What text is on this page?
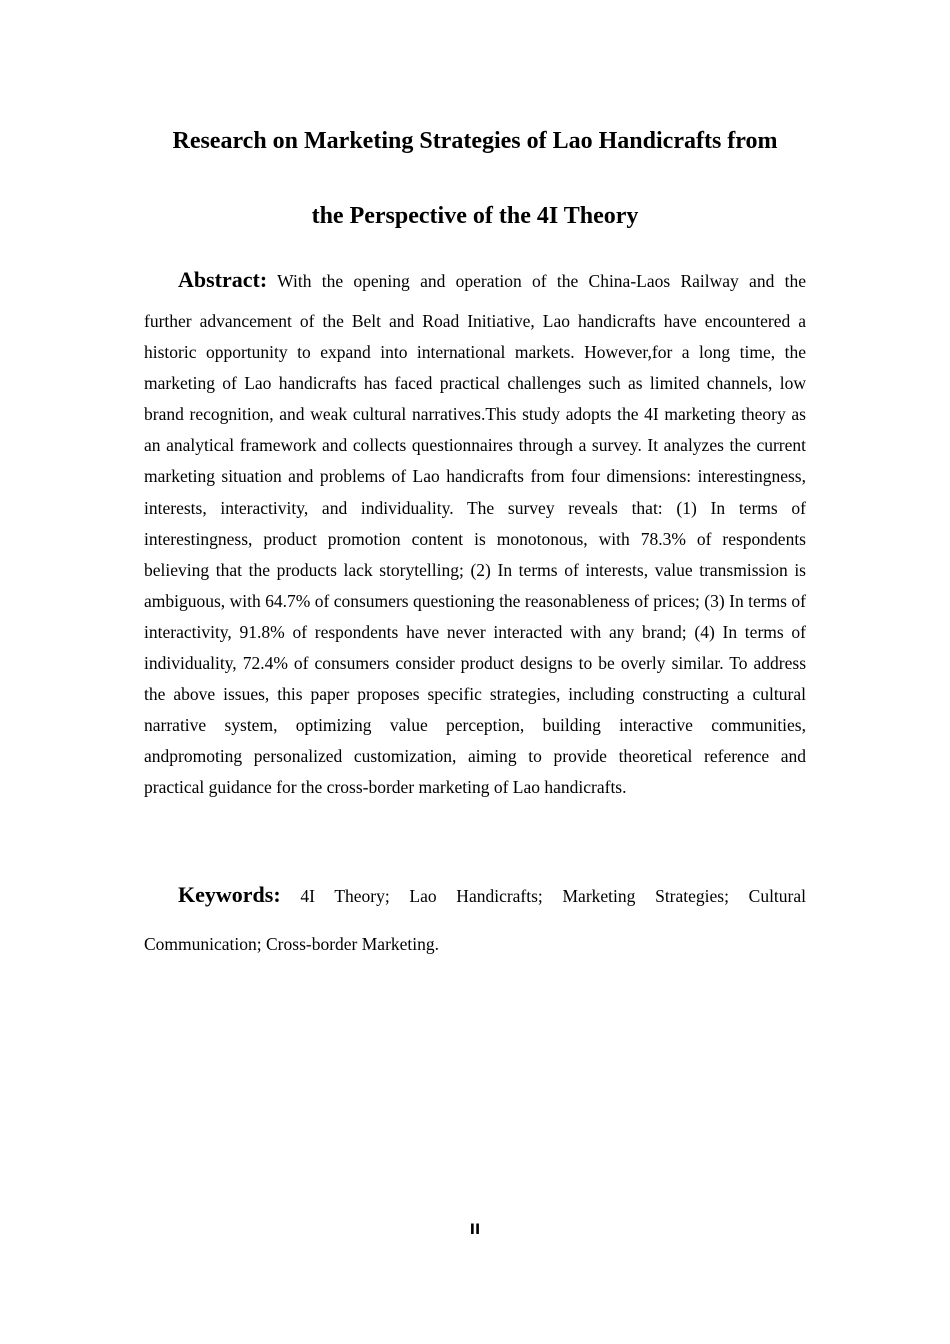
Research on Marketing Strategies of Lao Handicrafts from
the Perspective of the 4I Theory
Abstract: With the opening and operation of the China-Laos Railway and the
further advancement of the Belt and Road Initiative, Lao handicrafts have encountered a historic opportunity to expand into international markets. However,for a long time, the marketing of Lao handicrafts has faced practical challenges such as limited channels, low brand recognition, and weak cultural narratives.This study adopts the 4I marketing theory as an analytical framework and collects questionnaires through a survey. It analyzes the current marketing situation and problems of Lao handicrafts from four dimensions: interestingness, interests, interactivity, and individuality. The survey reveals that: (1) In terms of interestingness, product promotion content is monotonous, with 78.3% of respondents believing that the products lack storytelling; (2) In terms of interests, value transmission is ambiguous, with 64.7% of consumers questioning the reasonableness of prices; (3) In terms of interactivity, 91.8% of respondents have never interacted with any brand; (4) In terms of individuality, 72.4% of consumers consider product designs to be overly similar. To address the above issues, this paper proposes specific strategies, including constructing a cultural narrative system, optimizing value perception, building interactive communities, andpromoting personalized customization, aiming to provide theoretical reference and practical guidance for the cross-border marketing of Lao handicrafts.
Keywords: 4I Theory; Lao Handicrafts; Marketing Strategies; Cultural
Communication; Cross-border Marketing.
II
